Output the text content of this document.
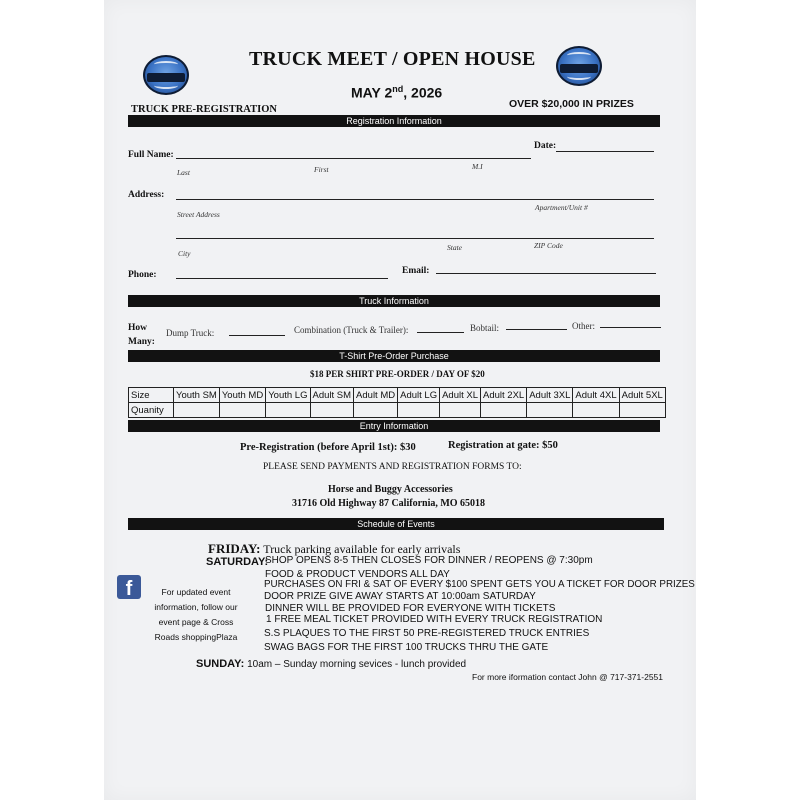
TRUCK MEET / OPEN HOUSE
MAY 2nd, 2026
TRUCK PRE-REGISTRATION	OVER $20,000 IN PRIZES
Registration Information
Full Name:
Date:
Last	First	M.I
Address:
Street Address
Apartment/Unit #
City
State	ZIP Code
Phone:	Email:
Truck Information
How
Many:
Dump Truck:	Combination (Truck & Trailer):	Bobtail:	Other:
T-Shirt Pre-Order Purchase
$18 PER SHIRT PRE-ORDER / DAY OF $20
Size	Youth SM	Youth MD	Youth LG	Adult SM	Adult MD	Adult LG	Adult XL	Adult 2XL	Adult 3XL	Adult 4XL	Adult 5XL
Quanity											
Entry Information
Pre-Registration (before April 1st): $30	Registration at gate: $50
PLEASE SEND PAYMENTS AND REGISTRATION FORMS TO:
Horse and Buggy Accessories
31716 Old Highway 87 California, MO 65018
Schedule of Events
FRIDAY: Truck parking available for early arrivals
SATURDAY:
SHOP OPENS 8-5 THEN CLOSES FOR DINNER / REOPENS @ 7:30pm
FOOD & PRODUCT VENDORS ALL DAY
PURCHASES ON FRI & SAT OF EVERY $100 SPENT GETS YOU A TICKET FOR DOOR PRIZES
DOOR PRIZE GIVE AWAY STARTS AT 10:00am SATURDAY
DINNER WILL BE PROVIDED FOR EVERYONE WITH TICKETS
1 FREE MEAL TICKET PROVIDED WITH EVERY TRUCK REGISTRATION
S.S PLAQUES TO THE FIRST 50 PRE-REGISTERED TRUCK ENTRIES
SWAG BAGS FOR THE FIRST 100 TRUCKS THRU THE GATE
f	For updated event information, follow our event page & Cross Roads shoppingPlaza
SUNDAY: 10am – Sunday morning sevices - lunch provided
For more iformation contact John @ 717-371-2551
